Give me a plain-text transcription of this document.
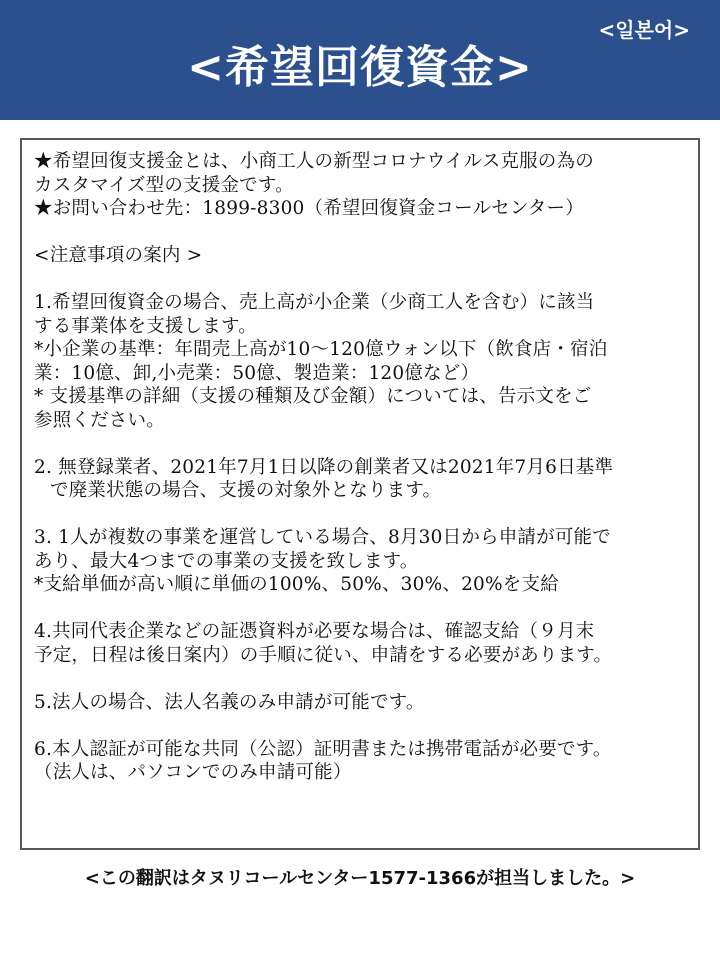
<일본어>
<希望回復資金>
★希望回復支援金とは、小商工人の新型コロナウイルス克服の為の
カスタマイズ型の支援金です。
★お問い合わせ先：1899-8300（希望回復資金コールセンター）
<注意事項の案内 >
1.希望回復資金の場合、売上高が小企業（少商工人を含む）に該当
する事業体を支援します。
*小企業の基準：年間売上高が10～120億ウォン以下（飲食店・宿泊
業：10億、卸,小売業：50億、製造業：120億など）
* 支援基準の詳細（支援の種類及び金額）については、告示文をご
参照ください。
2. 無登録業者、2021年7月1日以降の創業者又は2021年7月6日基準
で廃業状態の場合、支援の対象外となります。
3. 1人が複数の事業を運営している場合、8月30日から申請が可能で
あり、最大4つまでの事業の支援を致します。
*支給単価が高い順に単価の100%、50%、30%、20%を支給
4.共同代表企業などの証憑資料が必要な場合は、確認支給（９月末
予定，日程は後日案内）の手順に従い、申請をする必要があります。
5.法人の場合、法人名義のみ申請が可能です。
6.本人認証が可能な共同（公認）証明書または携帯電話が必要です。
（法人は、パソコンでのみ申請可能）
<この翻訳はタヌリコールセンター1577-1366が担当しました。>
